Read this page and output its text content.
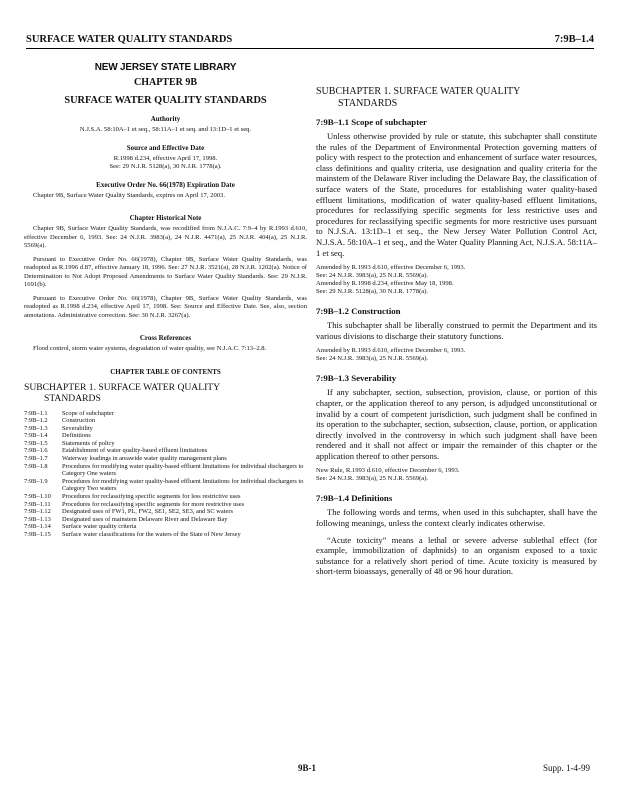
SURFACE WATER QUALITY STANDARDS	7:9B–1.4
NEW JERSEY STATE LIBRARY
CHAPTER 9B
SURFACE WATER QUALITY STANDARDS
Authority
N.J.S.A. 58:10A–1 et seq., 58:11A–1 et seq. and 13:1D–1 et seq.
Source and Effective Date
R.1998 d.234, effective April 17, 1998.
See: 29 N.J.R. 5128(a), 30 N.J.R. 1778(a).
Executive Order No. 66(1978) Expiration Date
Chapter 9B, Surface Water Quality Standards, expires on April 17, 2003.
Chapter Historical Note
Chapter 9B, Surface Water Quality Standards, was recodified from N.J.A.C. 7:9–4 by R.1993 d.610, effective December 6, 1993. See: 24 N.J.R. 3983(a), 24 N.J.R. 4471(a), 25 N.J.R. 404(a), 25 N.J.R. 5569(a).
Pursuant to Executive Order No. 66(1978), Chapter 9B, Surface Water Quality Standards, was readopted as R.1996 d.87, effective January 18, 1996. See: 27 N.J.R. 3521(a), 28 N.J.R. 1202(a). Notice of Determination to Not Adopt Proposed Amendments to Surface Water Quality Standards. See: 29 N.J.R. 1691(b).
Pursuant to Executive Order No. 66(1978), Chapter 9B, Surface Water Quality Standards, was readopted as R.1998 d.234, effective April 17, 1998. See: Source and Effective Date. See, also, section annotations. Administrative correction. See: 30 N.J.R. 3267(a).
Cross References
Flood control, storm water systems, degradation of water quality, see N.J.A.C. 7:13–2.8.
CHAPTER TABLE OF CONTENTS
SUBCHAPTER 1. SURFACE WATER QUALITY
STANDARDS
7:9B–1.1	Scope of subchapter
7:9B–1.2	Construction
7:9B–1.3	Severability
7:9B–1.4	Definitions
7:9B–1.5	Statements of policy
7:9B–1.6	Establishment of water quality-based effluent limitations
7:9B–1.7	Waterway loadings in areawide water quality management plans
7:9B–1.8	Procedures for modifying water quality-based effluent limitations for individual dischargers to Category One waters
7:9B–1.9	Procedures for modifying water quality-based effluent limitations for individual dischargers to Category Two waters
7:9B–1.10	Procedures for reclassifying specific segments for less restrictive uses
7:9B–1.11	Procedures for reclassifying specific segments for more restrictive uses
7:9B–1.12	Designated uses of FW1, PL, FW2, SE1, SE2, SE3, and SC waters
7:9B–1.13	Designated uses of mainstem Delaware River and Delaware Bay
7:9B–1.14	Surface water quality criteria
7:9B–1.15	Surface water classifications for the waters of the State of New Jersey
SUBCHAPTER 1. SURFACE WATER QUALITY
STANDARDS
7:9B–1.1 Scope of subchapter
Unless otherwise provided by rule or statute, this subchapter shall constitute the rules of the Department of Environmental Protection governing matters of policy with respect to the protection and enhancement of surface water resources, class definitions and quality criteria, use designation and quality criteria for the mainstem of the Delaware River including the Delaware Bay, the classification of surface waters of the State, procedures for establishing water quality-based effluent limitations, modification of water quality-based effluent limitations, procedures for reclassifying specific segments for less restrictive uses and procedures for reclassifying specific segments for more restrictive uses pursuant to N.J.S.A. 13:1D–1 et seq., the New Jersey Water Pollution Control Act, N.J.S.A. 58:10A–1 et seq., and the Water Quality Planning Act, N.J.S.A. 58:11A–1 et seq.
Amended by R.1993 d.610, effective December 6, 1993.
See: 24 N.J.R. 3983(a), 25 N.J.R. 5569(a).
Amended by R.1998 d.234, effective May 18, 1998.
See: 29 N.J.R. 5128(a), 30 N.J.R. 1778(a).
7:9B–1.2 Construction
This subchapter shall be liberally construed to permit the Department and its various divisions to discharge their statutory functions.
Amended by R.1993 d.610, effective December 6, 1993.
See: 24 N.J.R. 3983(a), 25 N.J.R. 5569(a).
7:9B–1.3 Severability
If any subchapter, section, subsection, provision, clause, or portion of this chapter, or the application thereof to any person, is adjudged unconstitutional or invalid by a court of competent jurisdiction, such judgment shall be confined in its operation to the subchapter, section, subsection, clause, portion, or application directly involved in the controversy in which such judgment shall have been rendered and it shall not affect or impair the remainder of this chapter or the application thereof to other persons.
New Rule, R.1993 d.610, effective December 6, 1993.
See: 24 N.J.R. 3983(a), 25 N.J.R. 5569(a).
7:9B–1.4 Definitions
The following words and terms, when used in this subchapter, shall have the following meanings, unless the context clearly indicates otherwise.
“Acute toxicity” means a lethal or severe adverse sublethal effect (for example, immobilization of daphnids) to an organism exposed to a toxic substance for a relatively short period of time. Acute toxicity is measured by short-term bioassays, generally of 48 or 96 hour duration.
9B-1	Supp. 1-4-99
